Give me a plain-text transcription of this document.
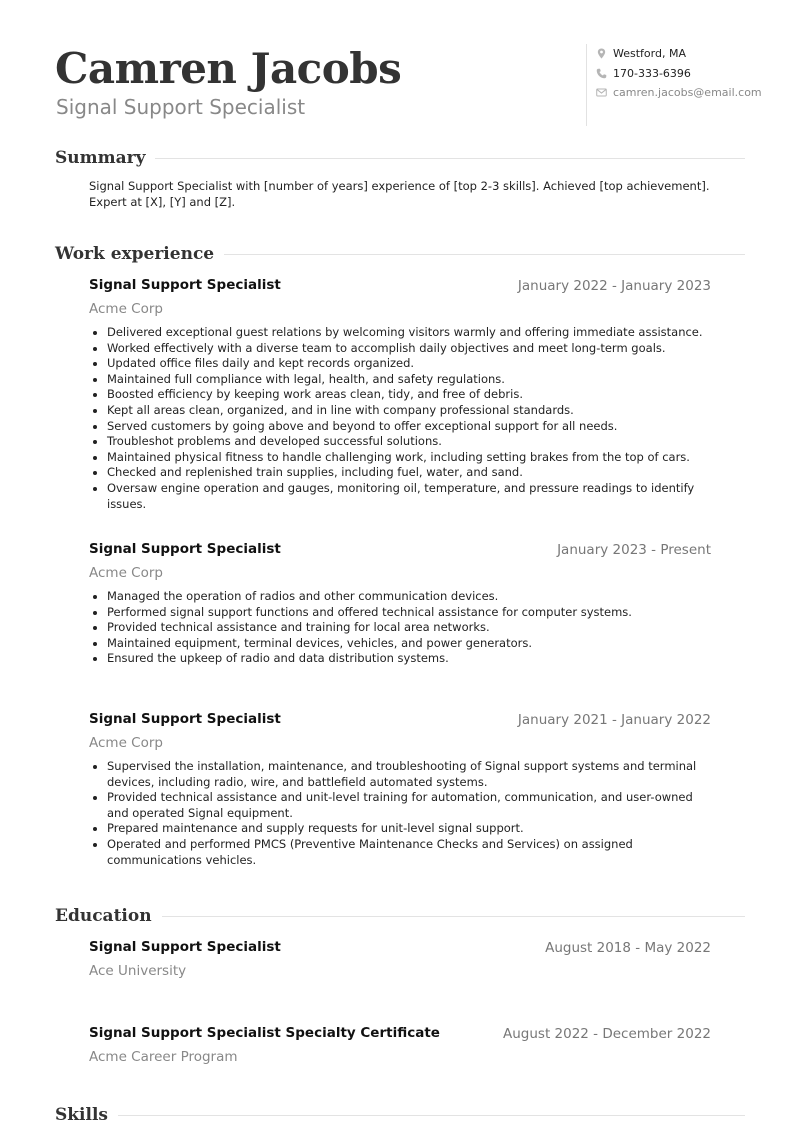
Camren Jacobs
Signal Support Specialist
Westford, MA
170-333-6396
camren.jacobs@email.com
Summary
Signal Support Specialist with [number of years] experience of [top 2-3 skills]. Achieved [top achievement]. Expert at [X], [Y] and [Z].
Work experience
Signal Support Specialist	January 2022 - January 2023
Acme Corp
Delivered exceptional guest relations by welcoming visitors warmly and offering immediate assistance.
Worked effectively with a diverse team to accomplish daily objectives and meet long-term goals.
Updated office files daily and kept records organized.
Maintained full compliance with legal, health, and safety regulations.
Boosted efficiency by keeping work areas clean, tidy, and free of debris.
Kept all areas clean, organized, and in line with company professional standards.
Served customers by going above and beyond to offer exceptional support for all needs.
Troubleshot problems and developed successful solutions.
Maintained physical fitness to handle challenging work, including setting brakes from the top of cars.
Checked and replenished train supplies, including fuel, water, and sand.
Oversaw engine operation and gauges, monitoring oil, temperature, and pressure readings to identify issues.
Signal Support Specialist	January 2023 - Present
Acme Corp
Managed the operation of radios and other communication devices.
Performed signal support functions and offered technical assistance for computer systems.
Provided technical assistance and training for local area networks.
Maintained equipment, terminal devices, vehicles, and power generators.
Ensured the upkeep of radio and data distribution systems.
Signal Support Specialist	January 2021 - January 2022
Acme Corp
Supervised the installation, maintenance, and troubleshooting of Signal support systems and terminal devices, including radio, wire, and battlefield automated systems.
Provided technical assistance and unit-level training for automation, communication, and user-owned and operated Signal equipment.
Prepared maintenance and supply requests for unit-level signal support.
Operated and performed PMCS (Preventive Maintenance Checks and Services) on assigned communications vehicles.
Education
Signal Support Specialist	August 2018 - May 2022
Ace University
Signal Support Specialist Specialty Certificate	August 2022 - December 2022
Acme Career Program
Skills
